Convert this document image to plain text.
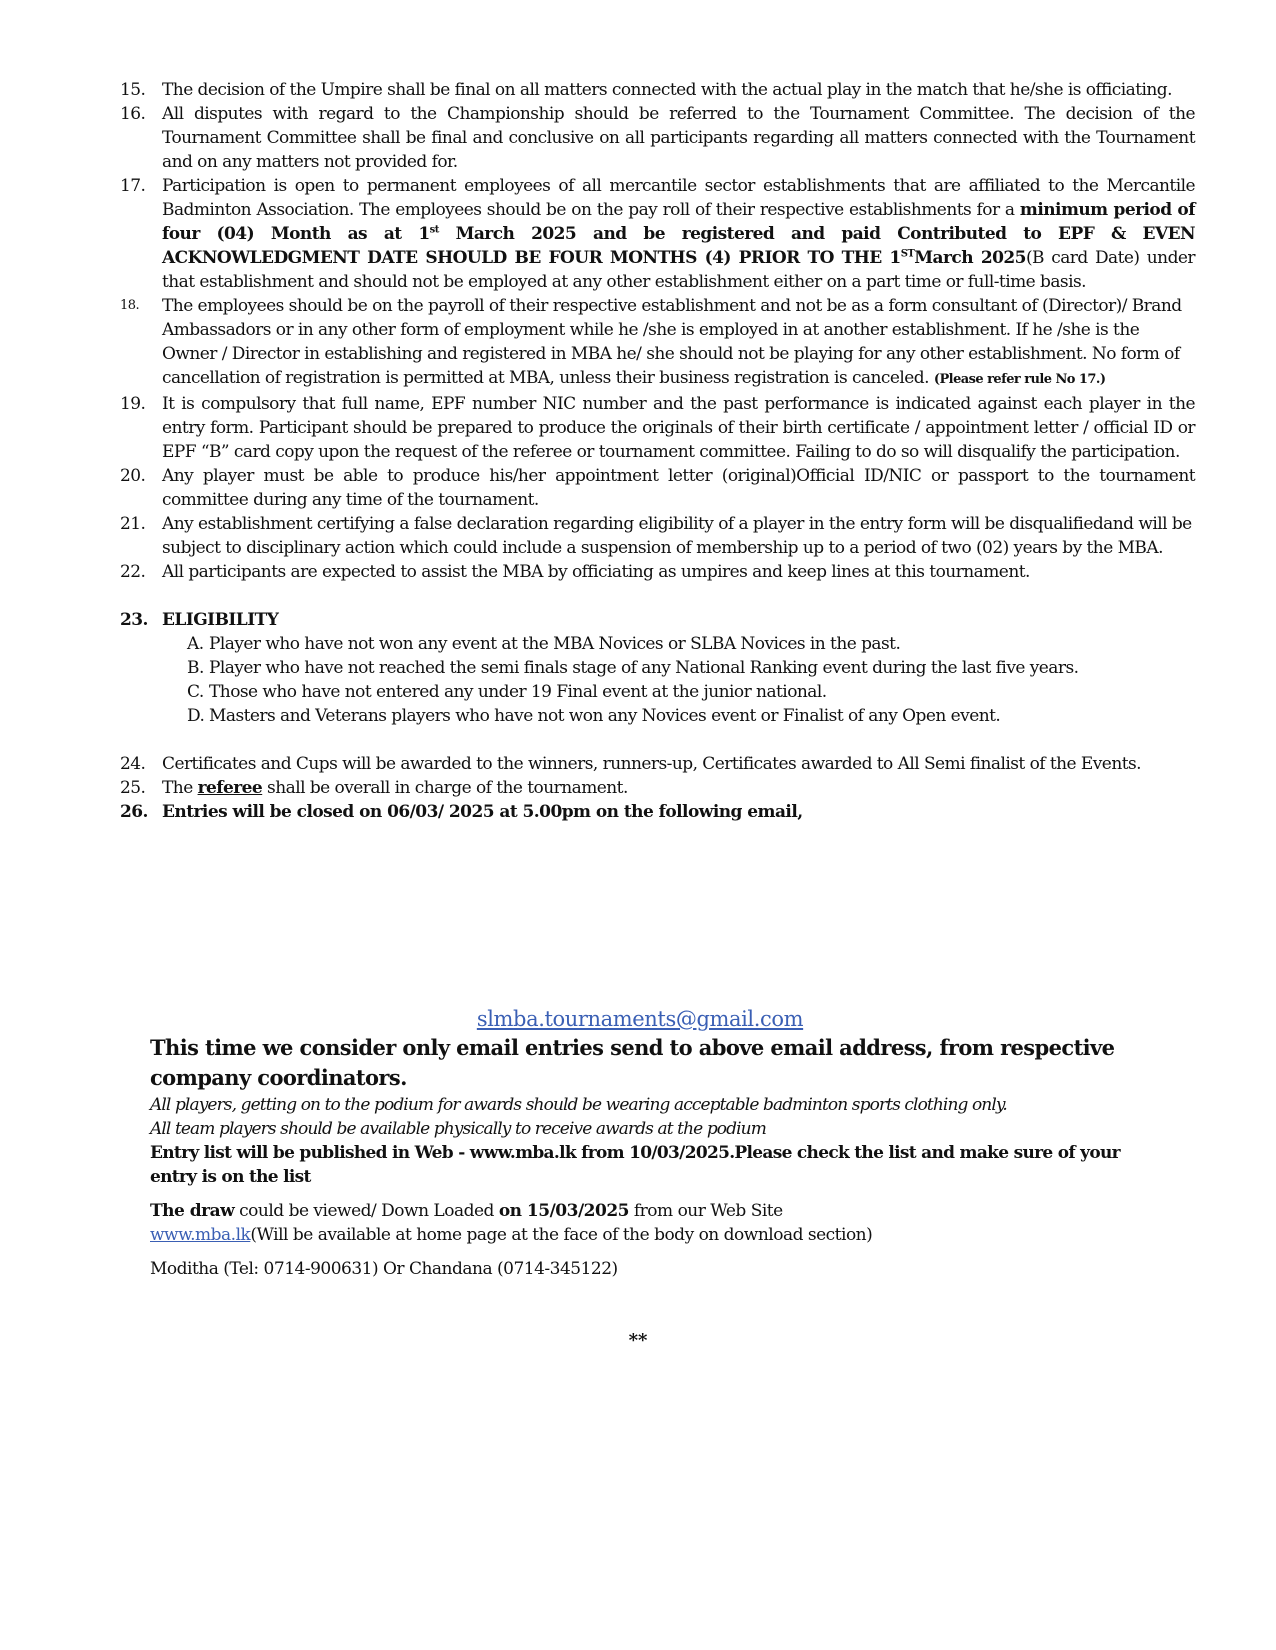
15. The decision of the Umpire shall be final on all matters connected with the actual play in the match that he/she is officiating.
16. All disputes with regard to the Championship should be referred to the Tournament Committee. The decision of the Tournament Committee shall be final and conclusive on all participants regarding all matters connected with the Tournament and on any matters not provided for.
17. Participation is open to permanent employees of all mercantile sector establishments that are affiliated to the Mercantile Badminton Association. The employees should be on the pay roll of their respective establishments for a minimum period of four (04) Month as at 1st March 2025 and be registered and paid Contributed to EPF & EVEN ACKNOWLEDGMENT DATE SHOULD BE FOUR MONTHS (4) PRIOR TO THE 1STMarch 2025(B card Date) under that establishment and should not be employed at any other establishment either on a part time or full-time basis.
18.	The employees should be on the payroll of their respective establishment and not be as a form consultant of (Director)/ Brand Ambassadors or in any other form of employment while he /she is employed in at another establishment. If he /she is the Owner / Director in establishing and registered in MBA he/ she should not be playing for any other establishment. No form of cancellation of registration is permitted at MBA, unless their business registration is canceled. (Please refer rule No 17.)
19. It is compulsory that full name, EPF number NIC number and the past performance is indicated against each player in the entry form. Participant should be prepared to produce the originals of their birth certificate / appointment letter / official ID or EPF “B” card copy upon the request of the referee or tournament committee. Failing to do so will disqualify the participation.
20. Any player must be able to produce his/her appointment letter (original)Official ID/NIC or passport to the tournament committee during any time of the tournament.
21. Any establishment certifying a false declaration regarding eligibility of a player in the entry form will be disqualifiedand will be subject to disciplinary action which could include a suspension of membership up to a period of two (02) years by the MBA.
22. All participants are expected to assist the MBA by officiating as umpires and keep lines at this tournament.
23. ELIGIBILITY
A. Player who have not won any event at the MBA Novices or SLBA Novices in the past.
B. Player who have not reached the semi finals stage of any National Ranking event during the last five years.
C. Those who have not entered any under 19 Final event at the junior national.
D. Masters and Veterans players who have not won any Novices event or Finalist of any Open event.
24. Certificates and Cups will be awarded to the winners, runners-up, Certificates awarded to All Semi finalist of the Events.
25. The referee shall be overall in charge of the tournament.
26. Entries will be closed on 06/03/ 2025 at 5.00pm on the following email,
slmba.tournaments@gmail.com
This time we consider only email entries send to above email address, from respective company coordinators.
All players, getting on to the podium for awards should be wearing acceptable badminton sports clothing only.
All team players should be available physically to receive awards at the podium
Entry list will be published in Web - www.mba.lk from 10/03/2025.Please check the list and make sure of your entry is on the list
The draw could be viewed/ Down Loaded on 15/03/2025 from our Web Site
www.mba.lk(Will be available at home page at the face of the body on download section)
Moditha (Tel: 0714-900631) Or Chandana (0714-345122)
**
